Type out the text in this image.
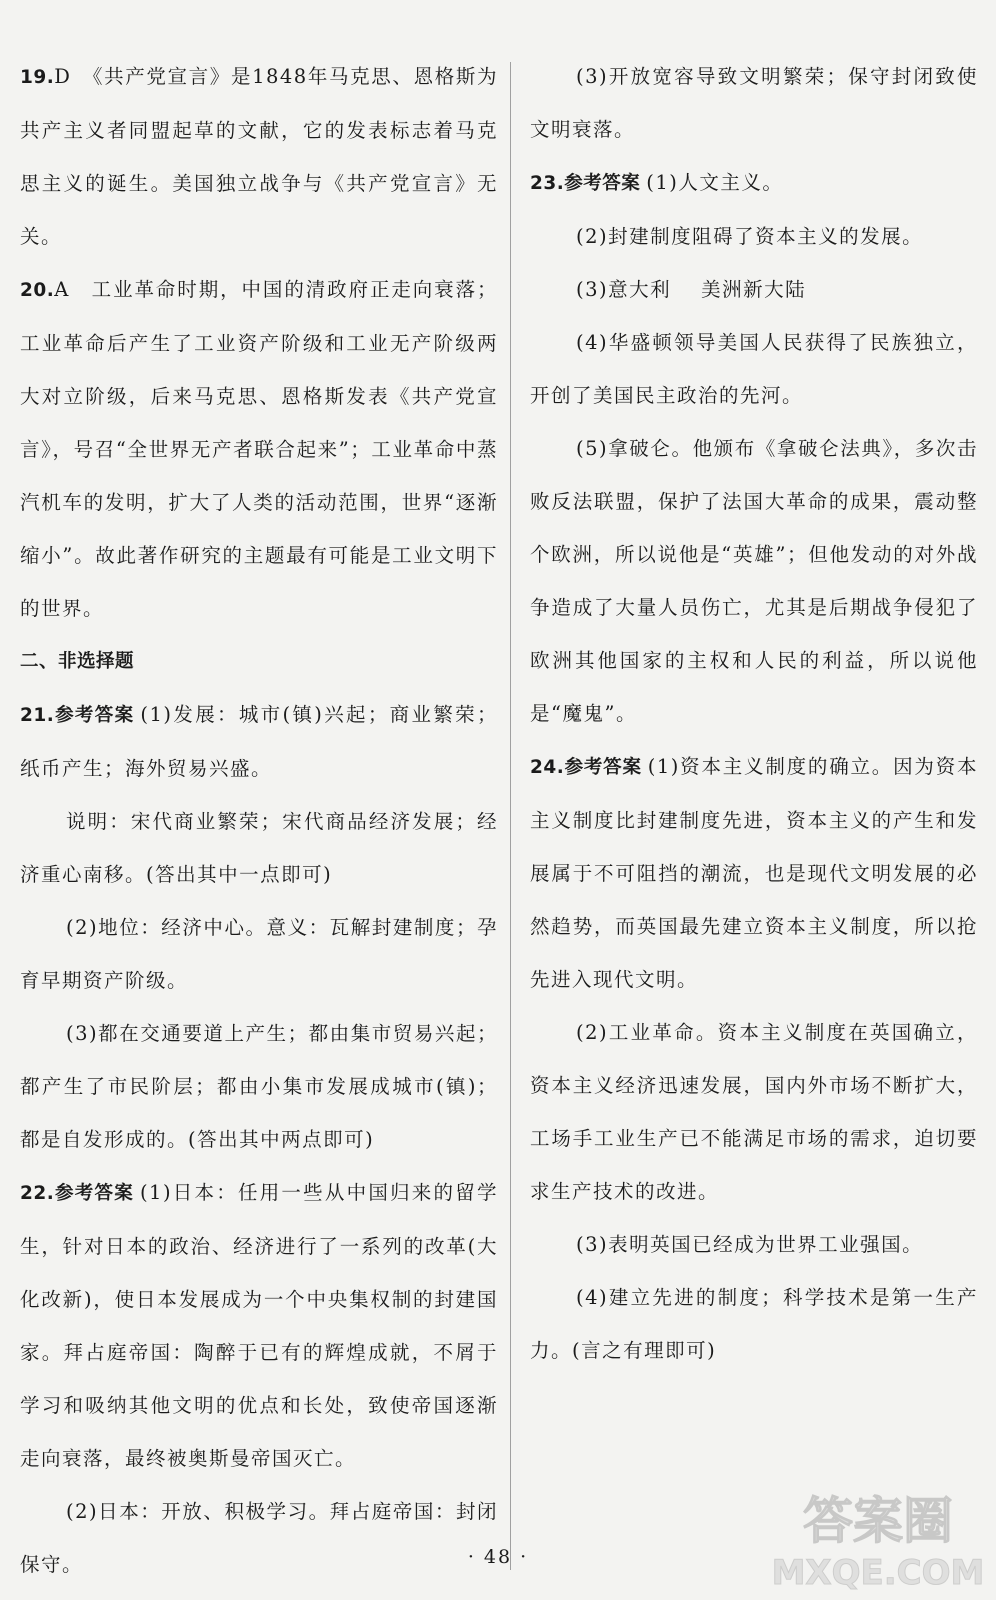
19.D　《共产党宣言》是1848年马克思、恩格斯为共产主义者同盟起草的文献，它的发表标志着马克思主义的诞生。美国独立战争与《共产党宣言》无关。

20.A　工业革命时期，中国的清政府正走向衰落；工业革命后产生了工业资产阶级和工业无产阶级两大对立阶级，后来马克思、恩格斯发表《共产党宣言》，号召“全世界无产者联合起来”；工业革命中蒸汽机车的发明，扩大了人类的活动范围，世界“逐渐缩小”。故此著作研究的主题最有可能是工业文明下的世界。

二、非选择题

21.参考答案 (1)发展：城市(镇)兴起；商业繁荣；纸币产生；海外贸易兴盛。

说明：宋代商业繁荣；宋代商品经济发展；经济重心南移。(答出其中一点即可)

(2)地位：经济中心。意义：瓦解封建制度；孕育早期资产阶级。

(3)都在交通要道上产生；都由集市贸易兴起；都产生了市民阶层；都由小集市发展成城市(镇)；都是自发形成的。(答出其中两点即可)

22.参考答案 (1)日本：任用一些从中国归来的留学生，针对日本的政治、经济进行了一系列的改革(大化改新)，使日本发展成为一个中央集权制的封建国家。拜占庭帝国：陶醉于已有的辉煌成就，不屑于学习和吸纳其他文明的优点和长处，致使帝国逐渐走向衰落，最终被奥斯曼帝国灭亡。

(2)日本：开放、积极学习。拜占庭帝国：封闭保守。

(3)开放宽容导致文明繁荣；保守封闭致使文明衰落。

23.参考答案 (1)人文主义。

(2)封建制度阻碍了资本主义的发展。

(3)意大利 美洲新大陆

(4)华盛顿领导美国人民获得了民族独立，开创了美国民主政治的先河。

(5)拿破仑。他颁布《拿破仑法典》，多次击败反法联盟，保护了法国大革命的成果，震动整个欧洲，所以说他是“英雄”；但他发动的对外战争造成了大量人员伤亡，尤其是后期战争侵犯了欧洲其他国家的主权和人民的利益，所以说他是“魔鬼”。

24.参考答案 (1)资本主义制度的确立。因为资本主义制度比封建制度先进，资本主义的产生和发展属于不可阻挡的潮流，也是现代文明发展的必然趋势，而英国最先建立资本主义制度，所以抢先进入现代文明。

(2)工业革命。资本主义制度在英国确立，资本主义经济迅速发展，国内外市场不断扩大，工场手工业生产已不能满足市场的需求，迫切要求生产技术的改进。

(3)表明英国已经成为世界工业强国。

(4)建立先进的制度；科学技术是第一生产力。(言之有理即可)

· 48 ·
答案圈
MXQE.COM
